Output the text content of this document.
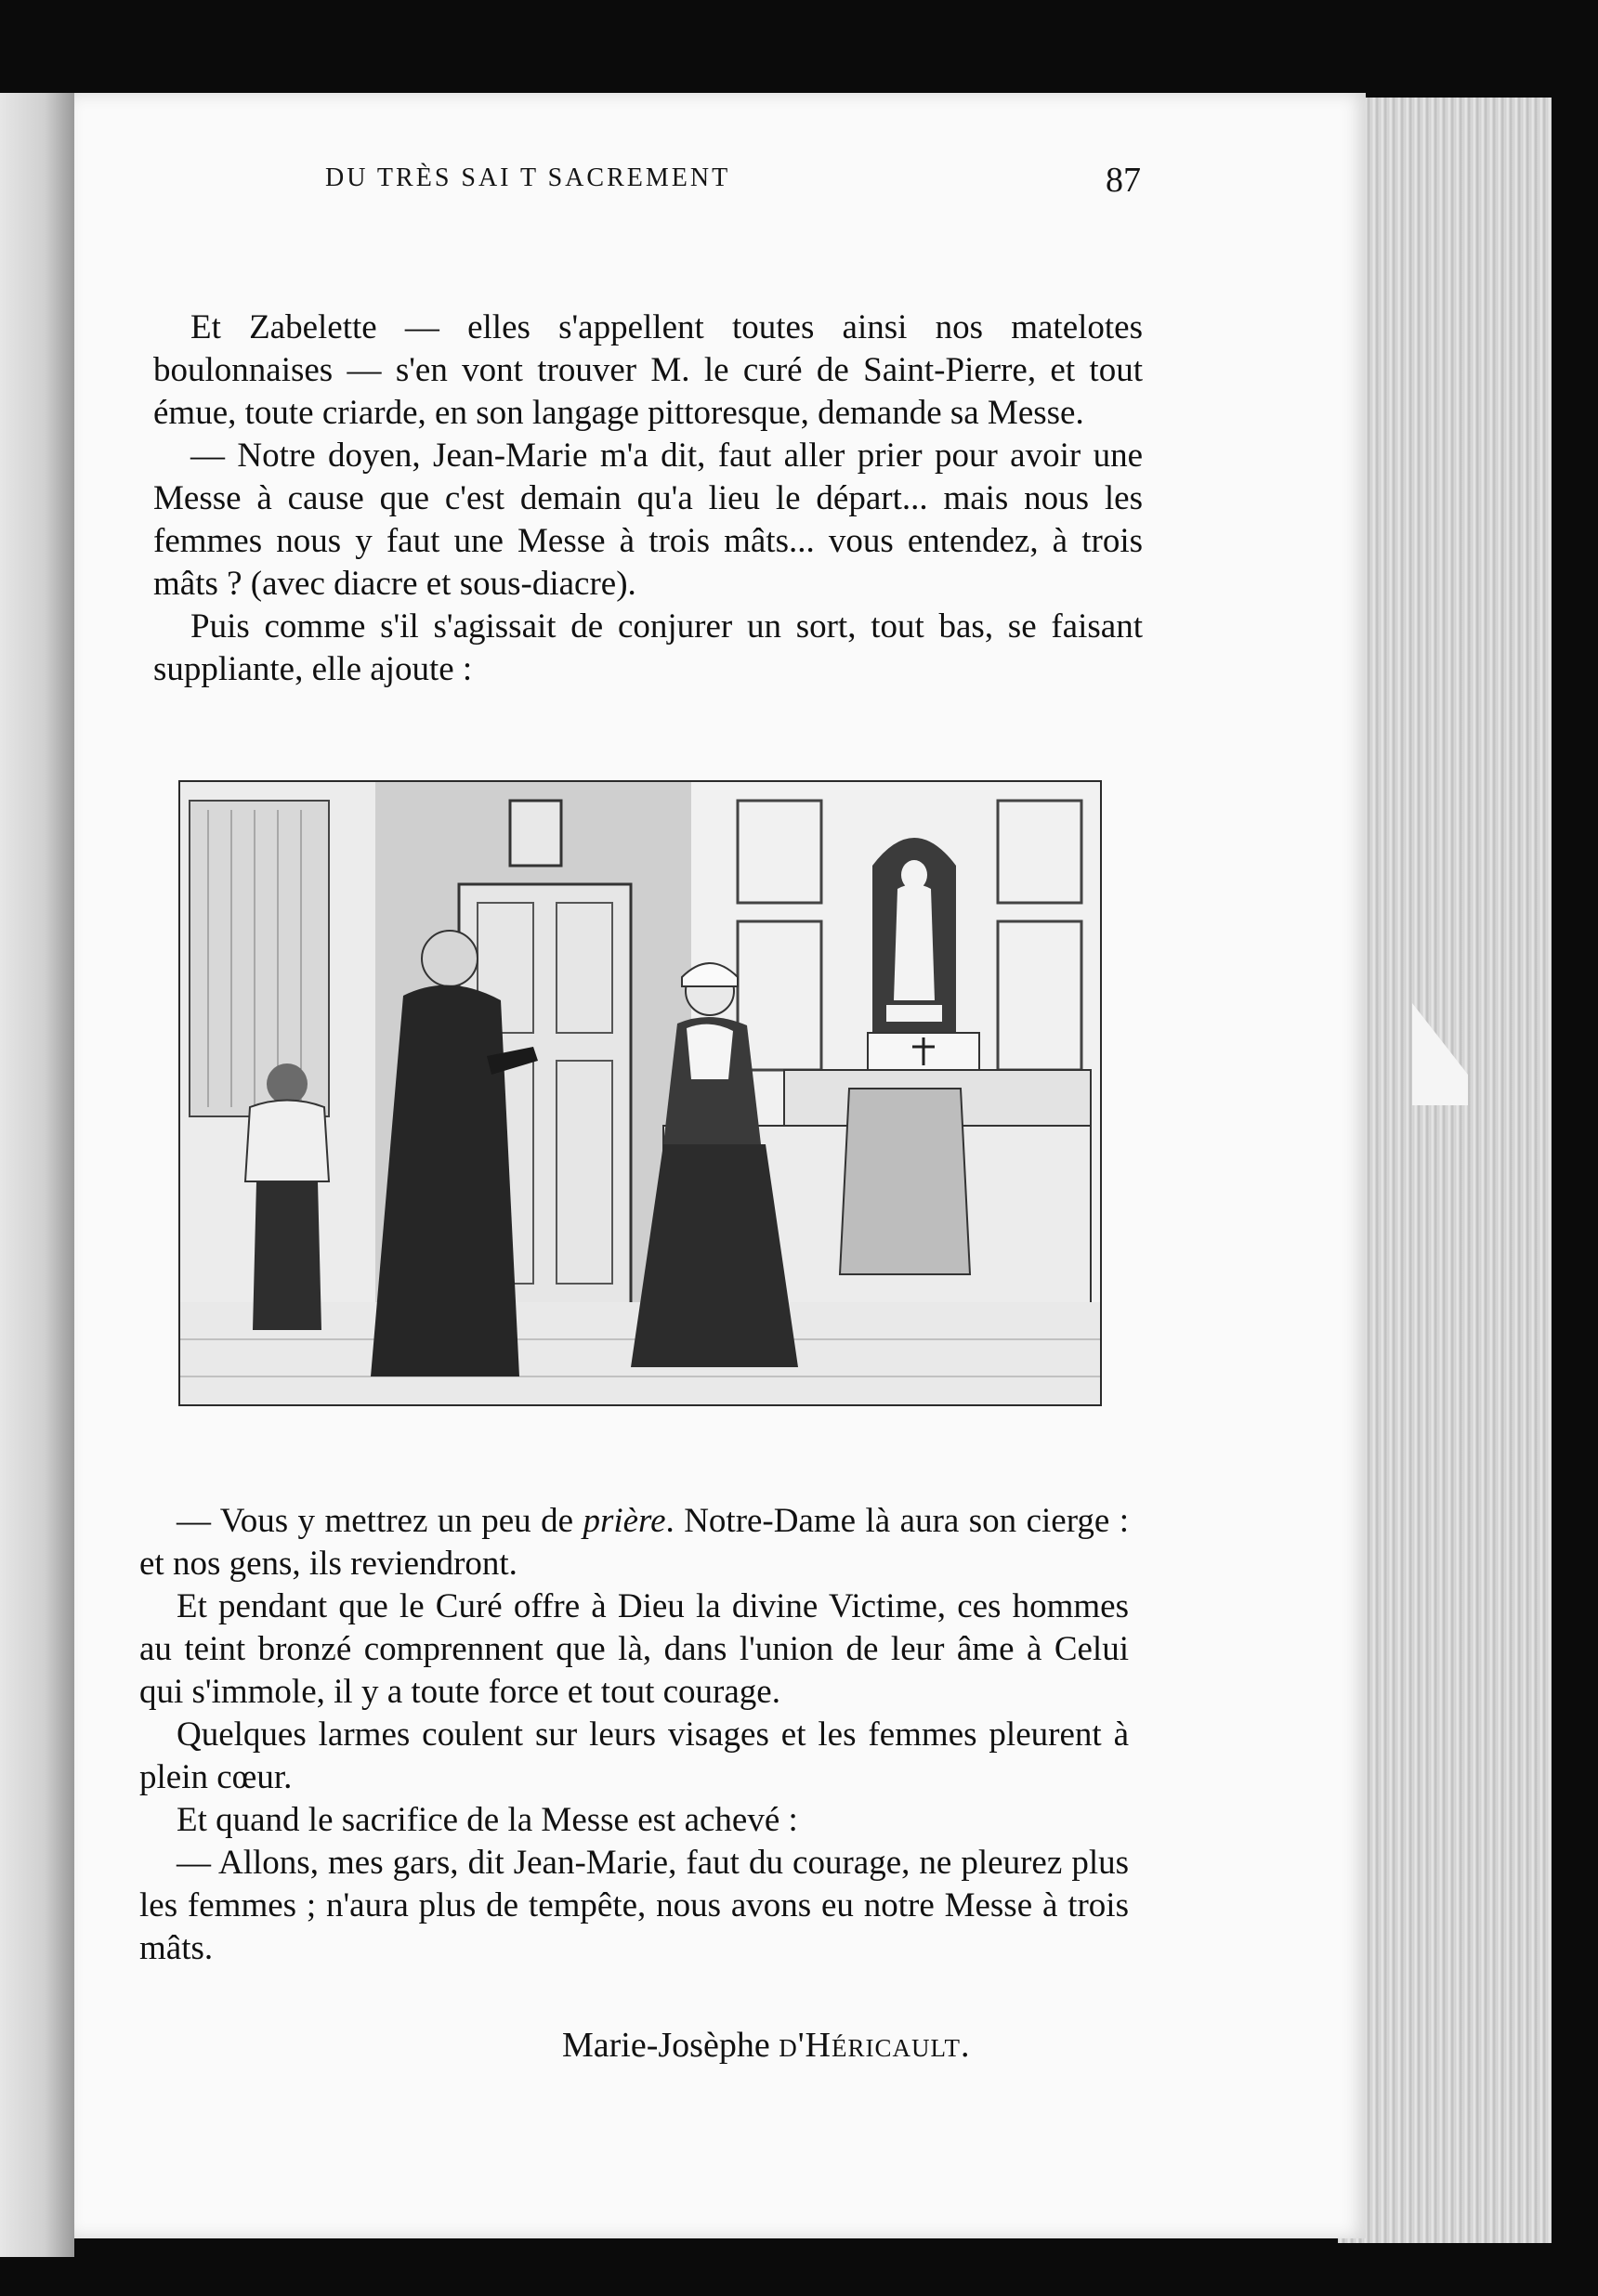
DU TRÈS SAI⁠ T SACREMENT	87

Et Zabelette — elles s'appellent toutes ainsi nos matelotes boulonnaises — s'en vont trouver M. le curé de Saint-Pierre, et tout émue, toute criarde, en son langage pittoresque, demande sa Messe.

— Notre doyen, Jean-Marie m'a dit, faut aller prier pour avoir une Messe à cause que c'est demain qu'a lieu le départ... mais nous les femmes nous y faut une Messe à trois mâts... vous entendez, à trois mâts ? (avec diacre et sous-diacre).

Puis comme s'il s'agissait de conjurer un sort, tout bas, se faisant suppliante, elle ajoute :

— Vous y mettrez un peu de prière. Notre-Dame là aura son cierge : et nos gens, ils reviendront.

Et pendant que le Curé offre à Dieu la divine Victime, ces hommes au teint bronzé comprennent que là, dans l'union de leur âme à Celui qui s'immole, il y a toute force et tout courage.

Quelques larmes coulent sur leurs visages et les femmes pleurent à plein cœur.

Et quand le sacrifice de la Messe est achevé :

— Allons, mes gars, dit Jean-Marie, faut du courage, ne pleurez plus les femmes ; n'aura plus de tempête, nous avons eu notre Messe à trois mâts.

Marie-Josèphe d'Héricault.
